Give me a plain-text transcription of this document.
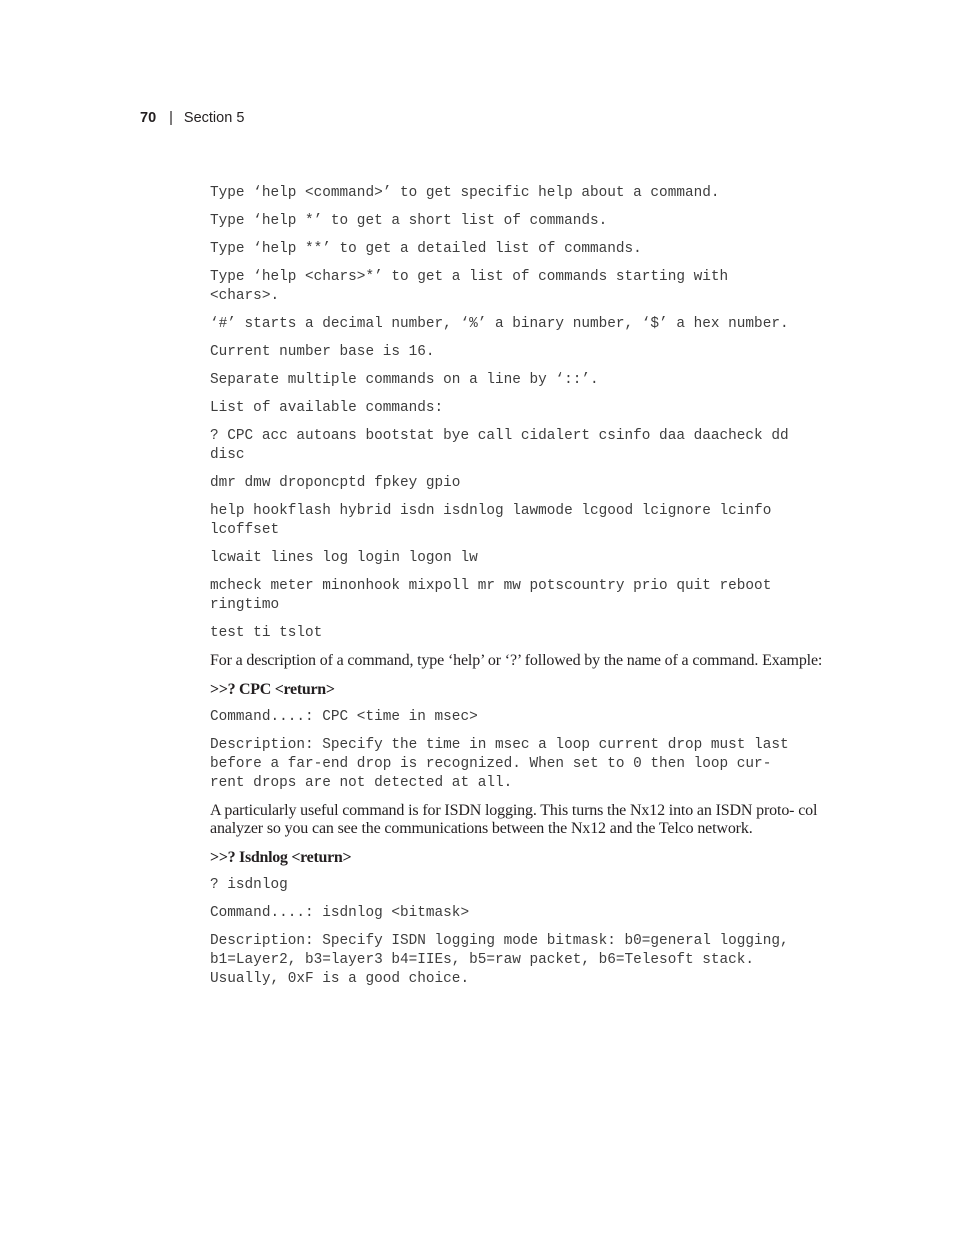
70 | Section 5
Type ‘help <command>’ to get specific help about a command.
Type ‘help *’ to get a short list of commands.
Type ‘help **’ to get a detailed list of commands.
Type ‘help <chars>*’ to get a list of commands starting with
<chars>.
‘#’ starts a decimal number, ‘%’ a binary number, ‘$’ a hex number.
Current number base is 16.
Separate multiple commands on a line by ‘::’.
List of available commands:
? CPC acc autoans bootstat bye call cidalert csinfo daa daacheck dd
disc
dmr dmw droponcptd fpkey gpio
help hookflash hybrid isdn isdnlog lawmode lcgood lcignore lcinfo
lcoffset
lcwait lines log login logon lw
mcheck meter minonhook mixpoll mr mw potscountry prio quit reboot
ringtimo
test ti tslot
For a description of a command, type ‘help’ or ‘?’ followed by the name of a command. Example:
>>? CPC <return>
Command....: CPC <time in msec>
Description: Specify the time in msec a loop current drop must last
before a far-end drop is recognized. When set to 0 then loop cur-
rent drops are not detected at all.
A particularly useful command is for ISDN logging. This turns the Nx12 into an ISDN proto- col analyzer so you can see the communications between the Nx12 and the Telco network.
>>? Isdnlog <return>
? isdnlog
Command....: isdnlog <bitmask>
Description: Specify ISDN logging mode bitmask: b0=general logging,
b1=Layer2, b3=layer3 b4=IIEs, b5=raw packet, b6=Telesoft stack.
Usually, 0xF is a good choice.
